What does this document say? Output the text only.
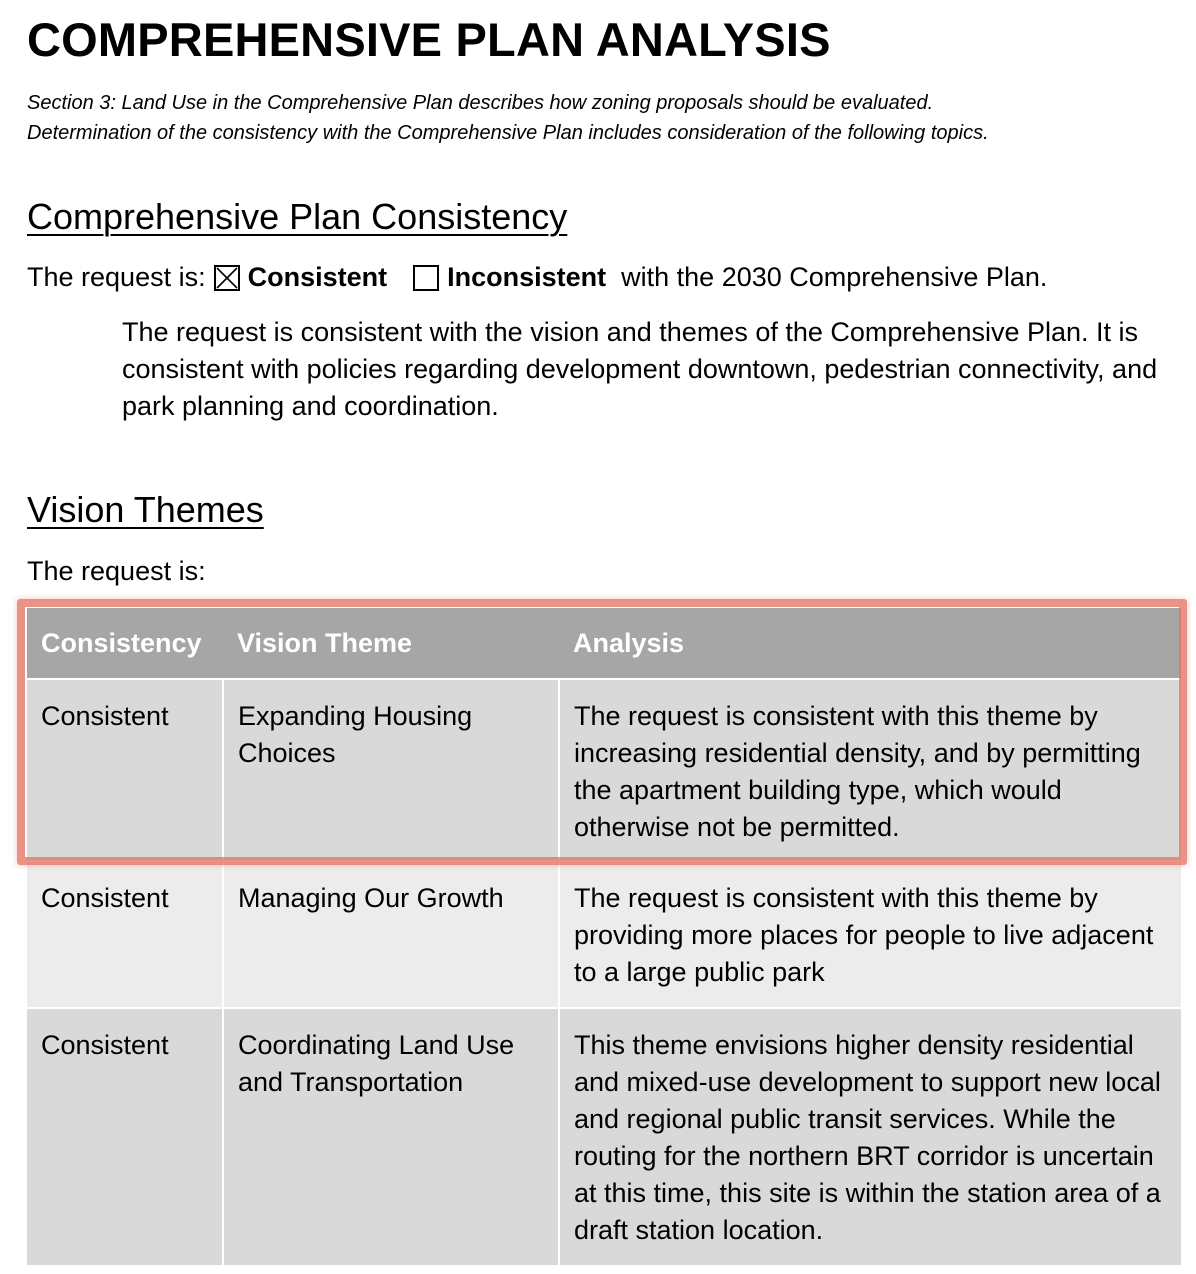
COMPREHENSIVE PLAN ANALYSIS
Section 3: Land Use in the Comprehensive Plan describes how zoning proposals should be evaluated.
Determination of the consistency with the Comprehensive Plan includes consideration of the following topics.
Comprehensive Plan Consistency
The request is: Consistent Inconsistent with the 2030 Comprehensive Plan.
The request is consistent with the vision and themes of the Comprehensive Plan. It is consistent with policies regarding development downtown, pedestrian connectivity, and park planning and coordination.
Vision Themes
The request is:
Consistency	Vision Theme	Analysis
Consistent	Expanding Housing Choices	The request is consistent with this theme by increasing residential density, and by permitting the apartment building type, which would otherwise not be permitted.
Consistent	Managing Our Growth	The request is consistent with this theme by providing more places for people to live adjacent to a large public park
Consistent	Coordinating Land Use and Transportation	This theme envisions higher density residential and mixed-use development to support new local and regional public transit services. While the routing for the northern BRT corridor is uncertain at this time, this site is within the station area of a draft station location.
